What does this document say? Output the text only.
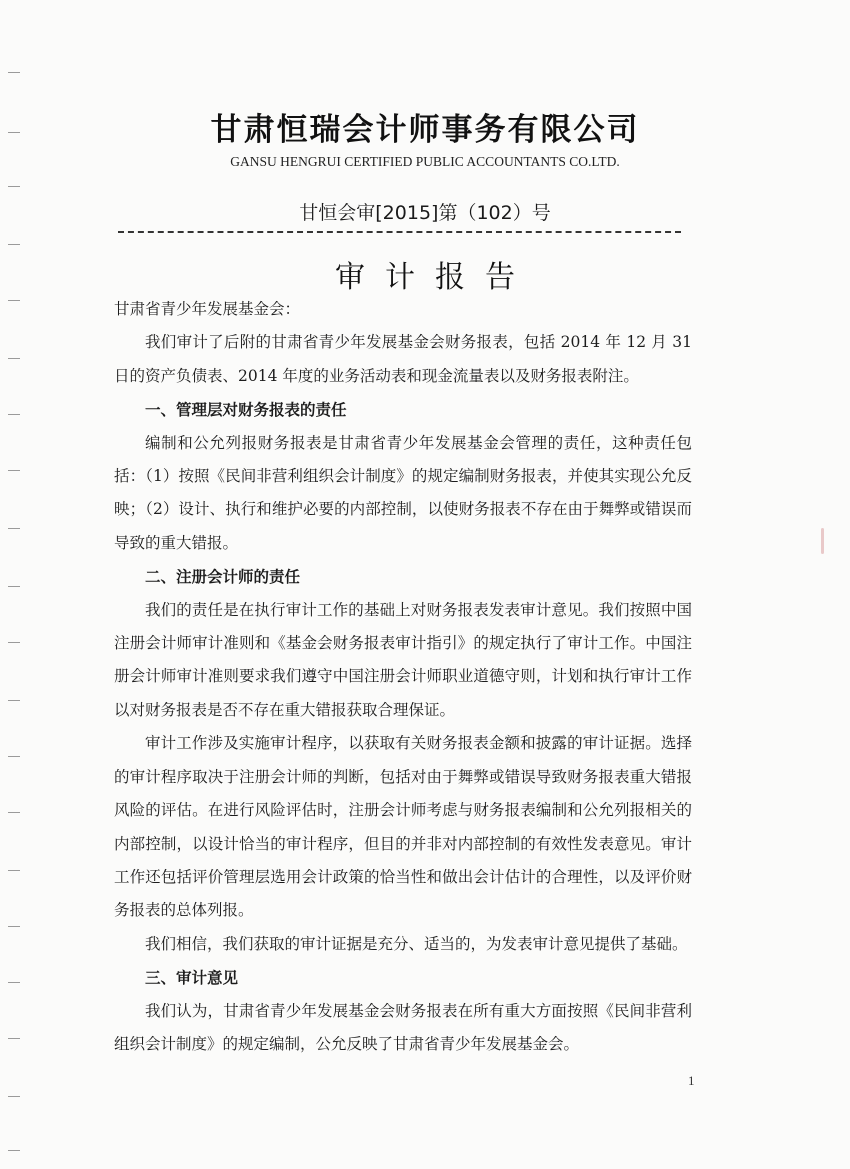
甘肃恒瑞会计师事务有限公司
GANSU HENGRUI CERTIFIED PUBLIC ACCOUNTANTS CO.LTD.
甘恒会审[2015]第（102）号
审计报告

甘肃省青少年发展基金会：

我们审计了后附的甘肃省青少年发展基金会财务报表，包括 2014 年 12 月 31 日的资产负债表、2014 年度的业务活动表和现金流量表以及财务报表附注。

一、管理层对财务报表的责任

编制和公允列报财务报表是甘肃省青少年发展基金会管理的责任，这种责任包括：（1）按照《民间非营利组织会计制度》的规定编制财务报表，并使其实现公允反映；（2）设计、执行和维护必要的内部控制，以使财务报表不存在由于舞弊或错误而导致的重大错报。

二、注册会计师的责任

我们的责任是在执行审计工作的基础上对财务报表发表审计意见。我们按照中国注册会计师审计准则和《基金会财务报表审计指引》的规定执行了审计工作。中国注册会计师审计准则要求我们遵守中国注册会计师职业道德守则，计划和执行审计工作以对财务报表是否不存在重大错报获取合理保证。

审计工作涉及实施审计程序，以获取有关财务报表金额和披露的审计证据。选择的审计程序取决于注册会计师的判断，包括对由于舞弊或错误导致财务报表重大错报风险的评估。在进行风险评估时，注册会计师考虑与财务报表编制和公允列报相关的内部控制，以设计恰当的审计程序，但目的并非对内部控制的有效性发表意见。审计工作还包括评价管理层选用会计政策的恰当性和做出会计估计的合理性，以及评价财务报表的总体列报。

我们相信，我们获取的审计证据是充分、适当的，为发表审计意见提供了基础。

三、审计意见

我们认为，甘肃省青少年发展基金会财务报表在所有重大方面按照《民间非营利组织会计制度》的规定编制，公允反映了甘肃省青少年发展基金会。

1
